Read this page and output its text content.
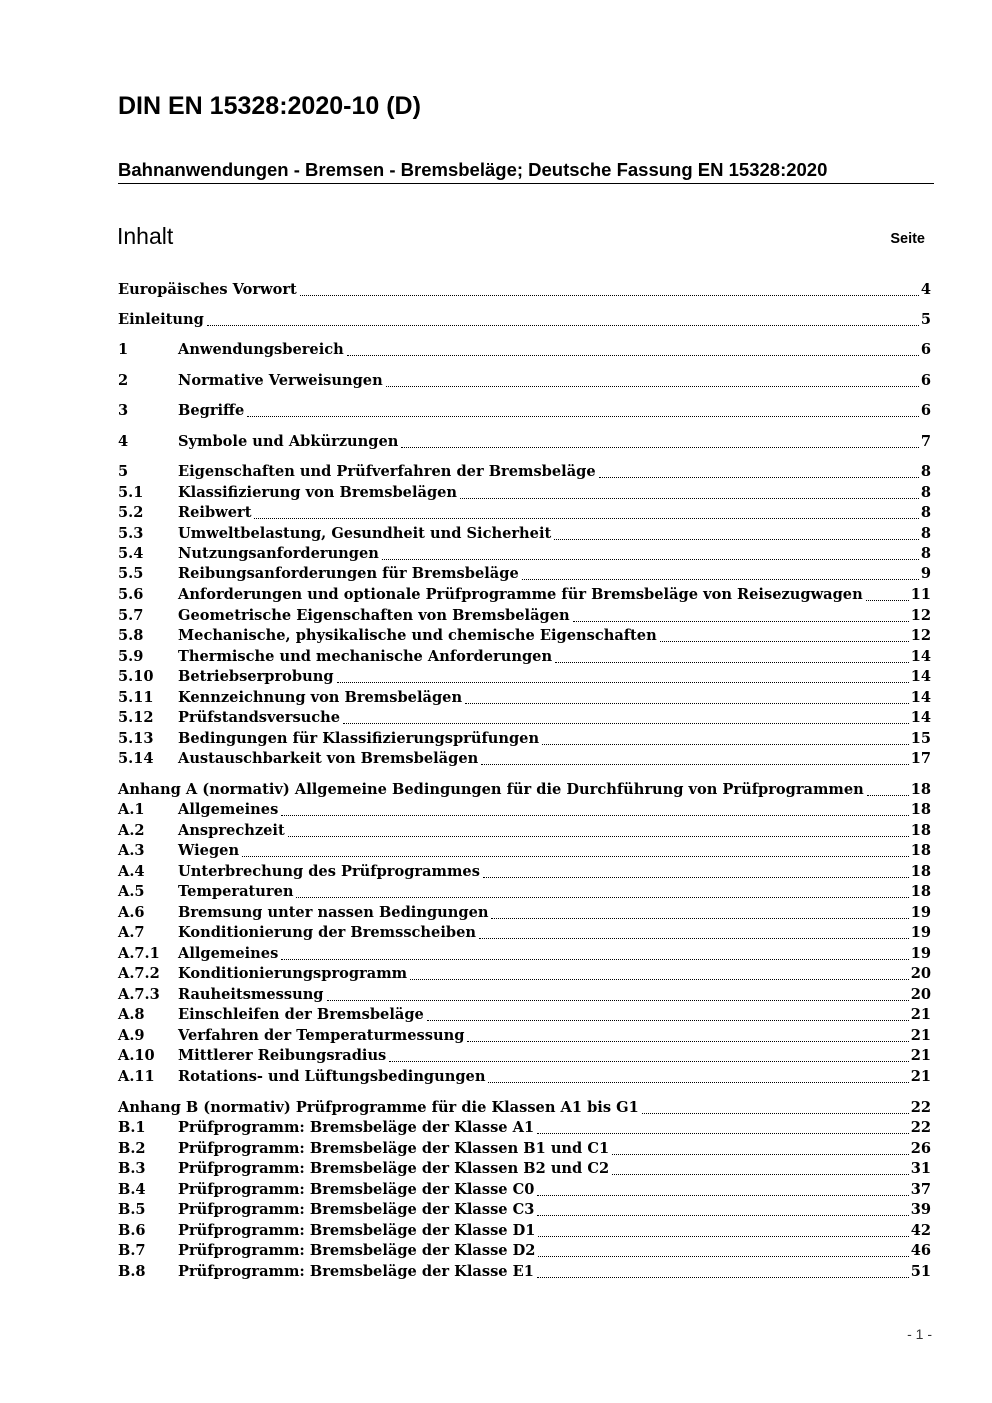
DIN EN 15328:2020-10 (D)
Bahnanwendungen - Bremsen - Bremsbeläge; Deutsche Fassung EN 15328:2020
Inhalt	Seite
Europäisches Vorwort	4
Einleitung	5
1	Anwendungsbereich	6
2	Normative Verweisungen	6
3	Begriffe	6
4	Symbole und Abkürzungen	7
5	Eigenschaften und Prüfverfahren der Bremsbeläge	8
5.1	Klassifizierung von Bremsbelägen	8
5.2	Reibwert	8
5.3	Umweltbelastung, Gesundheit und Sicherheit	8
5.4	Nutzungsanforderungen	8
5.5	Reibungsanforderungen für Bremsbeläge	9
5.6	Anforderungen und optionale Prüfprogramme für Bremsbeläge von Reisezugwagen	11
5.7	Geometrische Eigenschaften von Bremsbelägen	12
5.8	Mechanische, physikalische und chemische Eigenschaften	12
5.9	Thermische und mechanische Anforderungen	14
5.10	Betriebserprobung	14
5.11	Kennzeichnung von Bremsbelägen	14
5.12	Prüfstandsversuche	14
5.13	Bedingungen für Klassifizierungsprüfungen	15
5.14	Austauschbarkeit von Bremsbelägen	17
Anhang A (normativ) Allgemeine Bedingungen für die Durchführung von Prüfprogrammen	18
A.1	Allgemeines	18
A.2	Ansprechzeit	18
A.3	Wiegen	18
A.4	Unterbrechung des Prüfprogrammes	18
A.5	Temperaturen	18
A.6	Bremsung unter nassen Bedingungen	19
A.7	Konditionierung der Bremsscheiben	19
A.7.1	Allgemeines	19
A.7.2	Konditionierungsprogramm	20
A.7.3	Rauheitsmessung	20
A.8	Einschleifen der Bremsbeläge	21
A.9	Verfahren der Temperaturmessung	21
A.10	Mittlerer Reibungsradius	21
A.11	Rotations- und Lüftungsbedingungen	21
Anhang B (normativ) Prüfprogramme für die Klassen A1 bis G1	22
B.1	Prüfprogramm: Bremsbeläge der Klasse A1	22
B.2	Prüfprogramm: Bremsbeläge der Klassen B1 und C1	26
B.3	Prüfprogramm: Bremsbeläge der Klassen B2 und C2	31
B.4	Prüfprogramm: Bremsbeläge der Klasse C0	37
B.5	Prüfprogramm: Bremsbeläge der Klasse C3	39
B.6	Prüfprogramm: Bremsbeläge der Klasse D1	42
B.7	Prüfprogramm: Bremsbeläge der Klasse D2	46
B.8	Prüfprogramm: Bremsbeläge der Klasse E1	51
- 1 -
